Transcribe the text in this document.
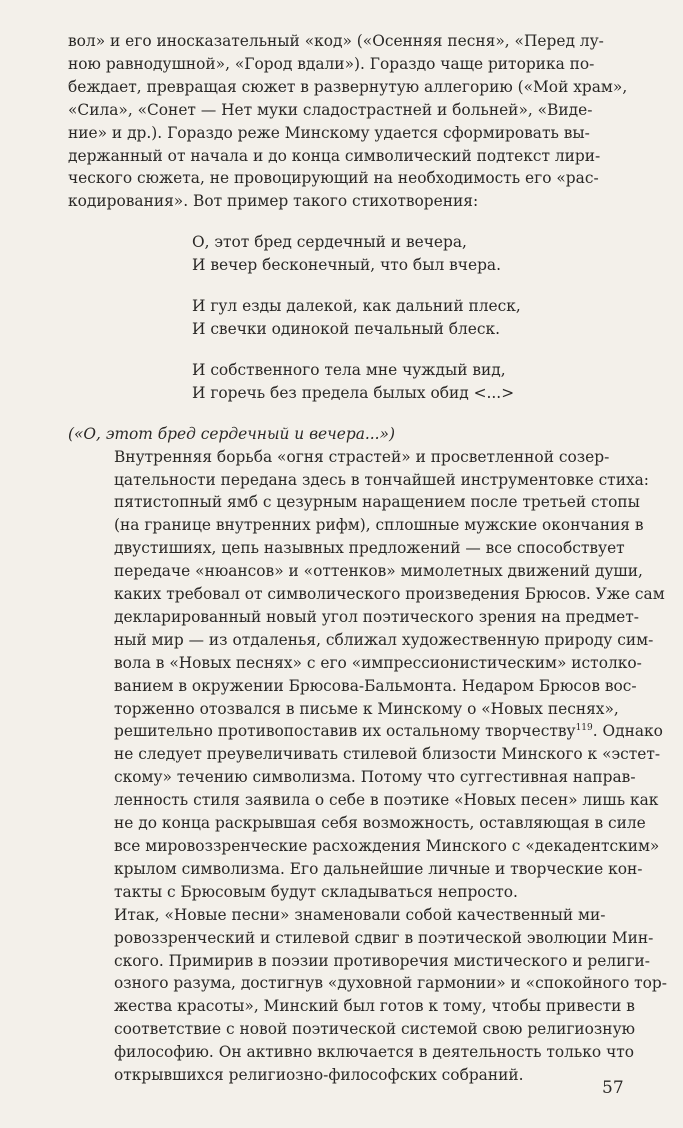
вол» и его иносказательный «код» («Осенняя песня», «Перед лу-
ною равнодушной», «Город вдали»). Гораздо чаще риторика по-
беждает, превращая сюжет в развернутую аллегорию («Мой храм»,
«Сила», «Сонет — Нет муки сладострастней и больней», «Виде-
ние» и др.). Гораздо реже Минскому удается сформировать вы-
держанный от начала и до конца символический подтекст лири-
ческого сюжета, не провоцирующий на необходимость его «рас-
кодирования». Вот пример такого стихотворения:

О, этот бред сердечный и вечера,
И вечер бесконечный, что был вчера.
И гул езды далекой, как дальний плеск,
И свечки одинокой печальный блеск.
И собственного тела мне чуждый вид,
И горечь без предела былых обид <...>

(«О, этот бред сердечный и вечера...»)

Внутренняя борьба «огня страстей» и просветленной созер-

цательности передана здесь в тончайшей инструментовке стиха:
пятистопный ямб с цезурным наращением после третьей стопы
(на границе внутренних рифм), сплошные мужские окончания в
двустишиях, цепь назывных предложений — все способствует
передаче «нюансов» и «оттенков» мимолетных движений души,
каких требовал от символического произведения Брюсов. Уже сам
декларированный новый угол поэтического зрения на предмет-
ный мир — из отдаленья, сближал художественную природу сим-
вола в «Новых песнях» с его «импрессионистическим» истолко-
ванием в окружении Брюсова-Бальмонта. Недаром Брюсов вос-
торженно отозвался в письме к Минскому о «Новых песнях»,
решительно противопоставив их остальному творчеству$^{119}$. Однако
не следует преувеличивать стилевой близости Минского к «эстет-
скому» течению символизма. Потому что суггестивная направ-
ленность стиля заявила о себе в поэтике «Новых песен» лишь как
не до конца раскрывшая себя возможность, оставляющая в силе
все мировоззренческие расхождения Минского с «декадентским»
крылом символизма. Его дальнейшие личные и творческие кон-
такты с Брюсовым будут складываться непросто.

Итак, «Новые песни» знаменовали собой качественный ми-

ровоззренческий и стилевой сдвиг в поэтической эволюции Мин-
ского. Примирив в поэзии противоречия мистического и религи-
озного разума, достигнув «духовной гармонии» и «спокойного тор-
жества красоты», Минский был готов к тому, чтобы привести в
соответствие с новой поэтической системой свою религиозную
философию. Он активно включается в деятельность только что
открывшихся религиозно-философских собраний.

57
